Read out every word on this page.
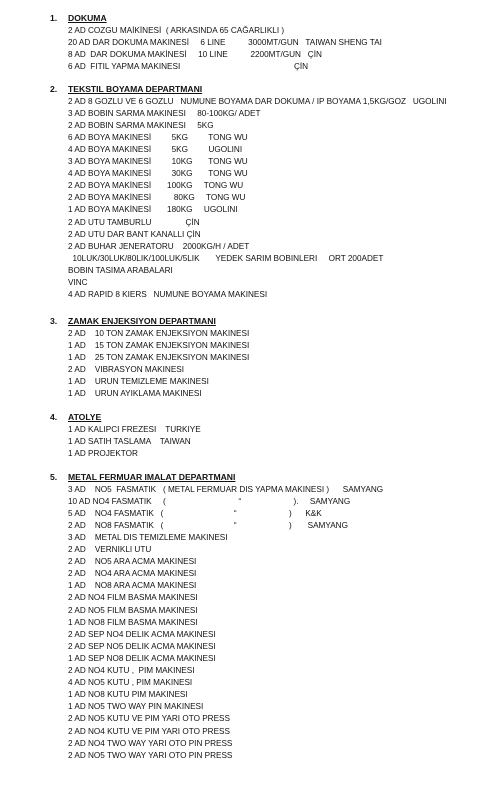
1. DOKUMA
2 AD COZGU MAİKİNESİ  ( ARKASINDA 65 CAĞARLIKLI )
20 AD DAR DOKUMA MAKINESİ     6 LINE          3000MT/GUN   TAIWAN SHENG TAI
8 AD  DAR DOKUMA MAKİNESİ     10 LINE          2200MT/GUN   ÇİN
6 AD  FITIL YAPMA MAKINESI                                                  ÇİN
2. TEKSTIL BOYAMA DEPARTMANI
2 AD 8 GOZLU VE 6 GOZLU   NUMUNE BOYAMA DAR DOKUMA / IP BOYAMA 1,5KG/GOZ   UGOLINI
3 AD BOBIN SARMA MAKINESI     80-100KG/ ADET
2 AD BOBIN SARMA MAKINESI     5KG
6 AD BOYA MAKINESİ         5KG         TONG WU
4 AD BOYA MAKINESİ         5KG         UGOLINI
3 AD BOYA MAKINESİ         10KG       TONG WU
4 AD BOYA MAKINESİ         30KG       TONG WU
2 AD BOYA MAKİNESİ       100KG     TONG WU
2 AD BOYA MAKİNESİ          80KG     TONG WU
1 AD BOYA MAKİNESİ       180KG     UGOLINI
2 AD UTU TAMBURLU               ÇİN
2 AD UTU DAR BANT KANALLI ÇİN
2 AD BUHAR JENERATORU    2000KG/H / ADET
10LUK/30LUK/80LIK/100LUK/5LIK       YEDEK SARIM BOBINLERI     ORT 200ADET
BOBIN TASIMA ARABALARI
VINC
4 AD RAPID 8 KIERS   NUMUNE BOYAMA MAKINESI
3. ZAMAK ENJEKSIYON DEPARTMANI
2 AD    10 TON ZAMAK ENJEKSIYON MAKINESI
1 AD    15 TON ZAMAK ENJEKSIYON MAKINESI
1 AD    25 TON ZAMAK ENJEKSIYON MAKINESI
2 AD    VIBRASYON MAKINESI
1 AD    URUN TEMIZLEME MAKINESI
1 AD    URUN AYIKLAMA MAKINESI
4. ATOLYE
1 AD KALIPCI FREZESI    TURKIYE
1 AD SATIH TASLAMA    TAIWAN
1 AD PROJEKTOR
5. METAL FERMUAR IMALAT DEPARTMANI
3 AD    NO5  FASMATIK   ( METAL FERMUAR DIS YAPMA MAKINESI )      SAMYANG
10 AD NO4 FASMATIK     (                                “                       ).     SAMYANG
5 AD    NO4 FASMATIK   (                               “                       )      K&K
2 AD    NO8 FASMATIK   (                               “                       )       SAMYANG
3 AD    METAL DIS TEMIZLEME MAKINESI
2 AD    VERNIKLI UTU
2 AD    NO5 ARA ACMA MAKINESI
2 AD    NO4 ARA ACMA MAKINESI
1 AD    NO8 ARA ACMA MAKINESI
2 AD NO4 FILM BASMA MAKINESI
2 AD NO5 FILM BASMA MAKINESI
1 AD NO8 FILM BASMA MAKINESI
2 AD SEP NO4 DELIK ACMA MAKINESI
2 AD SEP NO5 DELIK ACMA MAKINESI
1 AD SEP NO8 DELIK ACMA MAKINESI
2 AD NO4 KUTU ,  PIM MAKINESI
4 AD NO5 KUTU , PIM MAKINESI
1 AD NO8 KUTU PIM MAKINESI
1 AD NO5 TWO WAY PIN MAKINESI
2 AD NO5 KUTU VE PIM YARI OTO PRESS
2 AD NO4 KUTU VE PIM YARI OTO PRESS
2 AD NO4 TWO WAY YARI OTO PIN PRESS
2 AD NO5 TWO WAY YARI OTO PIN PRESS
